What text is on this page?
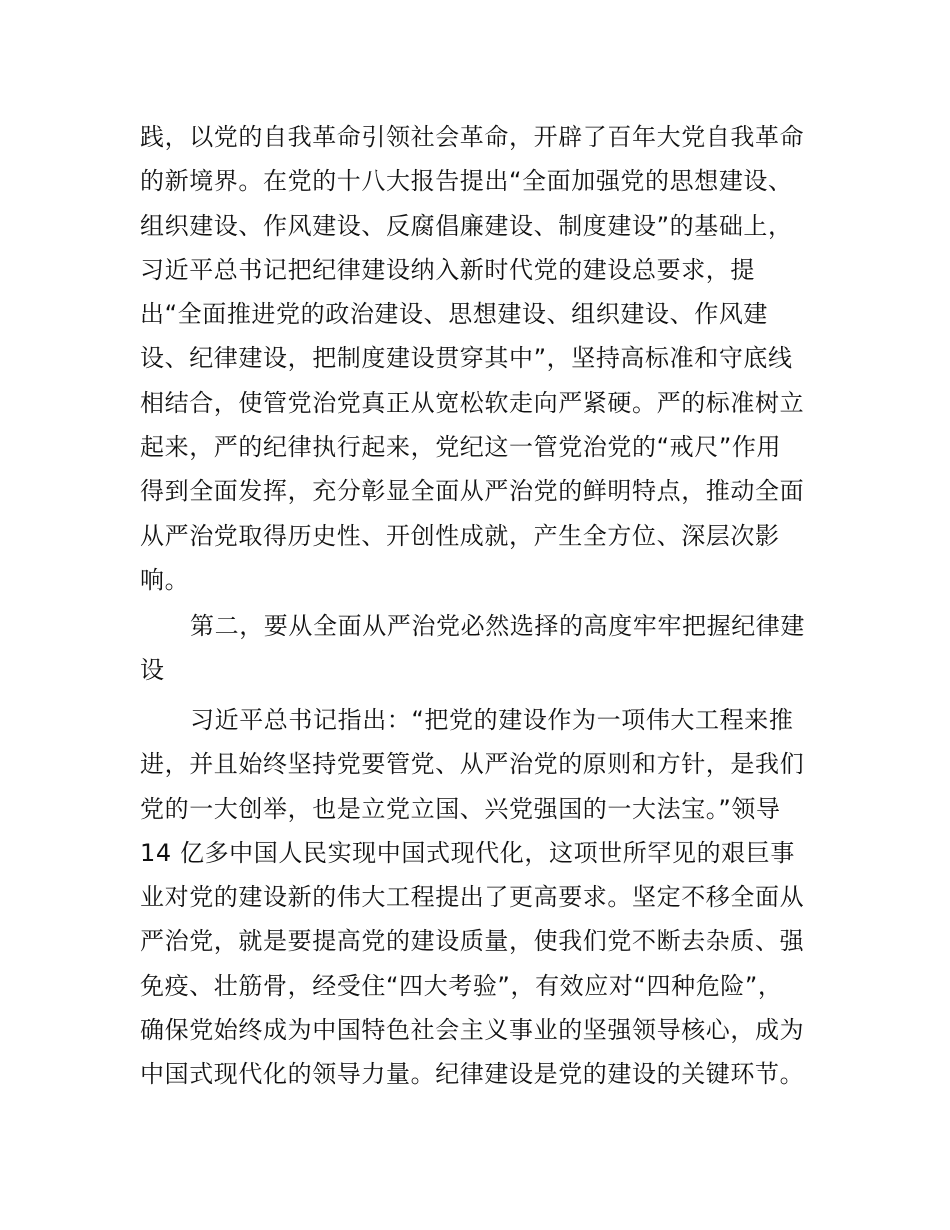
践，以党的自我革命引领社会革命，开辟了百年大党自我革命
的新境界。在党的十八大报告提出“全面加强党的思想建设、
组织建设、作风建设、反腐倡廉建设、制度建设”的基础上，
习近平总书记把纪律建设纳入新时代党的建设总要求，提
出“全面推进党的政治建设、思想建设、组织建设、作风建
设、纪律建设，把制度建设贯穿其中”，坚持高标准和守底线
相结合，使管党治党真正从宽松软走向严紧硬。严的标准树立
起来，严的纪律执行起来，党纪这一管党治党的“戒尺”作用
得到全面发挥，充分彰显全面从严治党的鲜明特点，推动全面
从严治党取得历史性、开创性成就，产生全方位、深层次影
响。
第二，要从全面从严治党必然选择的高度牢牢把握纪律建
设
习近平总书记指出：“把党的建设作为一项伟大工程来推
进，并且始终坚持党要管党、从严治党的原则和方针，是我们
党的一大创举，也是立党立国、兴党强国的一大法宝。”领导
14 亿多中国人民实现中国式现代化，这项世所罕见的艰巨事
业对党的建设新的伟大工程提出了更高要求。坚定不移全面从
严治党，就是要提高党的建设质量，使我们党不断去杂质、强
免疫、壮筋骨，经受住“四大考验”，有效应对“四种危险”，
确保党始终成为中国特色社会主义事业的坚强领导核心，成为
中国式现代化的领导力量。纪律建设是党的建设的关键环节。
